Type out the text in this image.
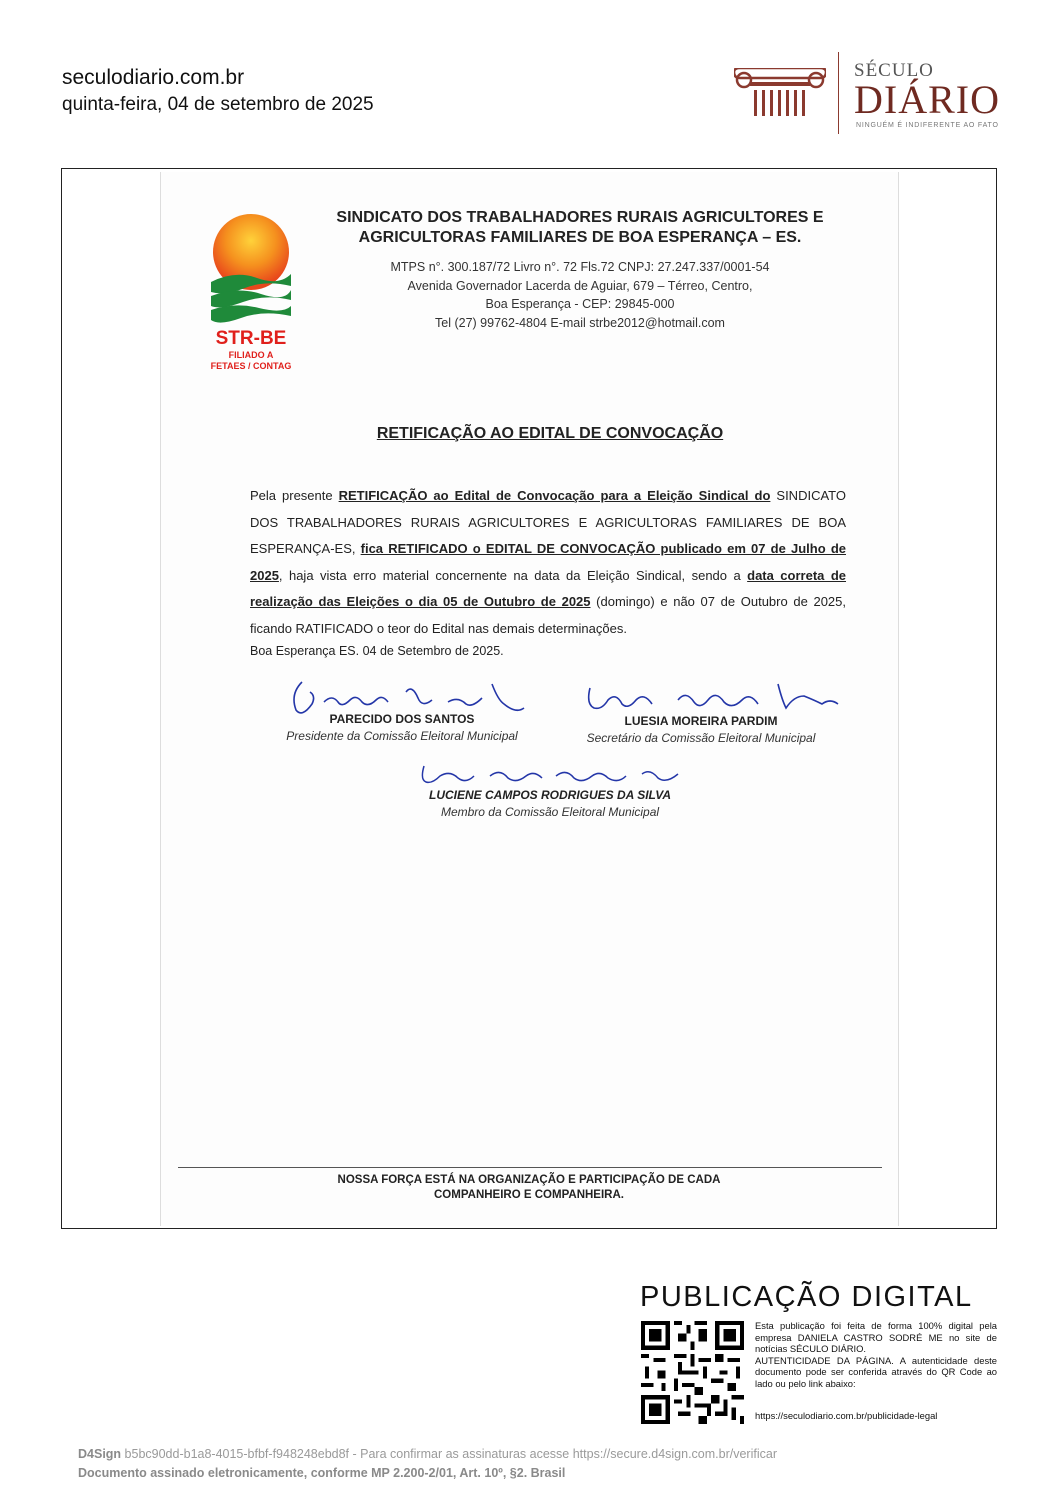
seculodiario.com.br
quinta-feira, 04 de setembro de 2025
SÉCULO
DIÁRIO
NINGUÉM É INDIFERENTE AO FATO
STR-BE
FILIADO A
FETAES / CONTAG
SINDICATO DOS TRABALHADORES RURAIS AGRICULTORES E AGRICULTORAS FAMILIARES DE BOA ESPERANÇA – ES.
MTPS n°. 300.187/72 Livro n°. 72 Fls.72 CNPJ: 27.247.337/0001-54
Avenida Governador Lacerda de Aguiar, 679 – Térreo, Centro,
Boa Esperança - CEP: 29845-000
Tel (27) 99762-4804 E-mail strbe2012@hotmail.com
RETIFICAÇÃO AO EDITAL DE CONVOCAÇÃO
Pela presente RETIFICAÇÃO ao Edital de Convocação para a Eleição Sindical do SINDICATO DOS TRABALHADORES RURAIS AGRICULTORES E AGRICULTORAS FAMILIARES DE BOA ESPERANÇA-ES, fica RETIFICADO o EDITAL DE CONVOCAÇÃO publicado em 07 de Julho de 2025, haja vista erro material concernente na data da Eleição Sindical, sendo a data correta de realização das Eleições o dia 05 de Outubro de 2025 (domingo) e não 07 de Outubro de 2025, ficando RATIFICADO o teor do Edital nas demais determinações.
Boa Esperança ES. 04 de Setembro de 2025.
PARECIDO DOS SANTOS
Presidente da Comissão Eleitoral Municipal
LUESIA MOREIRA PARDIM
Secretário da Comissão Eleitoral Municipal
LUCIENE CAMPOS RODRIGUES DA SILVA
Membro da Comissão Eleitoral Municipal
NOSSA FORÇA ESTÁ NA ORGANIZAÇÃO E PARTICIPAÇÃO DE CADA
COMPANHEIRO E COMPANHEIRA.
PUBLICAÇÃO DIGITAL
Esta publicação foi feita de forma 100% digital pela empresa DANIELA CASTRO SODRÉ ME no site de notícias SÉCULO DIÁRIO.
AUTENTICIDADE DA PÁGINA. A autenticidade deste documento pode ser conferida através do QR Code ao lado ou pelo link abaixo:
https://seculodiario.com.br/publicidade-legal
D4Sign b5bc90dd-b1a8-4015-bfbf-f948248ebd8f - Para confirmar as assinaturas acesse https://secure.d4sign.com.br/verificar
Documento assinado eletronicamente, conforme MP 2.200-2/01, Art. 10º, §2. Brasil
